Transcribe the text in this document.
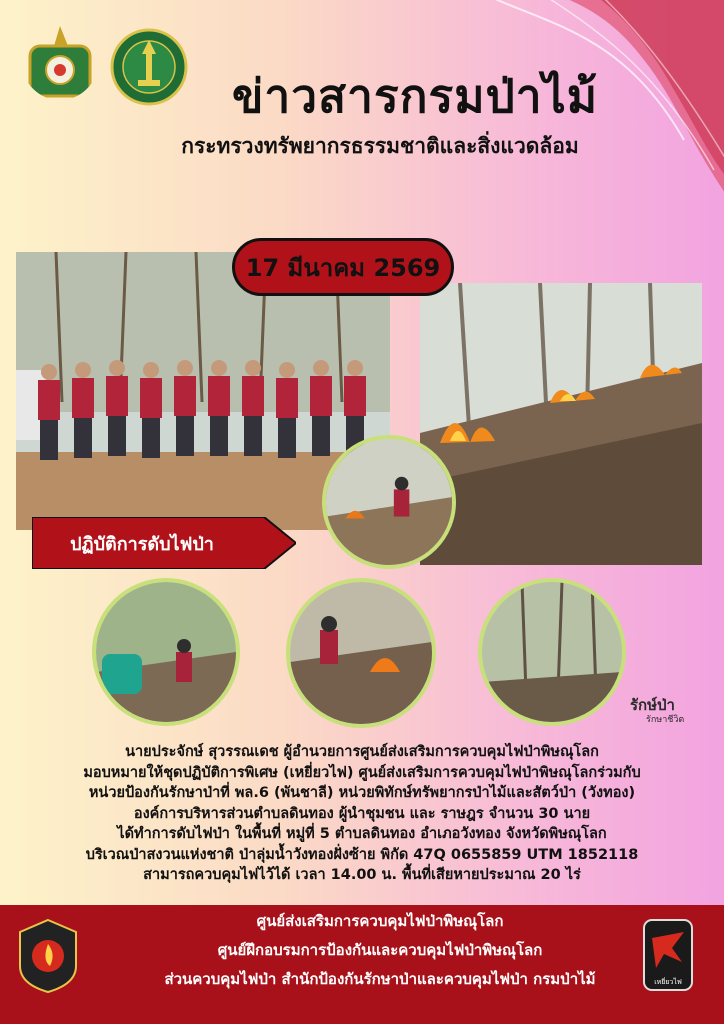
ข่าวสารกรมป่าไม้
กระทรวงทรัพยากรธรรมชาติและสิ่งแวดล้อม
17 มีนาคม 2569
ปฏิบัติการดับไฟป่า
รักษ์ป่า
รักษาชีวิต
นายประจักษ์ สุวรรณเดช ผู้อำนวยการศูนย์ส่งเสริมการควบคุมไฟป่าพิษณุโลก
มอบหมายให้ชุดปฏิบัติการพิเศษ (เหยี่ยวไฟ) ศูนย์ส่งเสริมการควบคุมไฟป่าพิษณุโลกร่วมกับ
หน่วยป้องกันรักษาป่าที่ พล.6 (พันชาลี) หน่วยพิทักษ์ทรัพยากรป่าไม้และสัตว์ป่า (วังทอง)
องค์การบริหารส่วนตำบลดินทอง ผู้นำชุมชน และ ราษฎร จำนวน 30 นาย
ได้ทำการดับไฟป่า ในพื้นที่ หมู่ที่ 5 ตำบลดินทอง อำเภอวังทอง จังหวัดพิษณุโลก
บริเวณป่าสงวนแห่งชาติ ป่าลุ่มน้ำวังทองฝั่งซ้าย พิกัด 47Q 0655859 UTM 1852118
สามารถควบคุมไฟไว้ได้ เวลา 14.00 น. พื้นที่เสียหายประมาณ 20 ไร่
ศูนย์ส่งเสริมการควบคุมไฟป่าพิษณุโลก
ศูนย์ฝึกอบรมการป้องกันและควบคุมไฟป่าพิษณุโลก
ส่วนควบคุมไฟป่า สำนักป้องกันรักษาป่าและควบคุมไฟป่า กรมป่าไม้	เหยี่ยวไฟ
